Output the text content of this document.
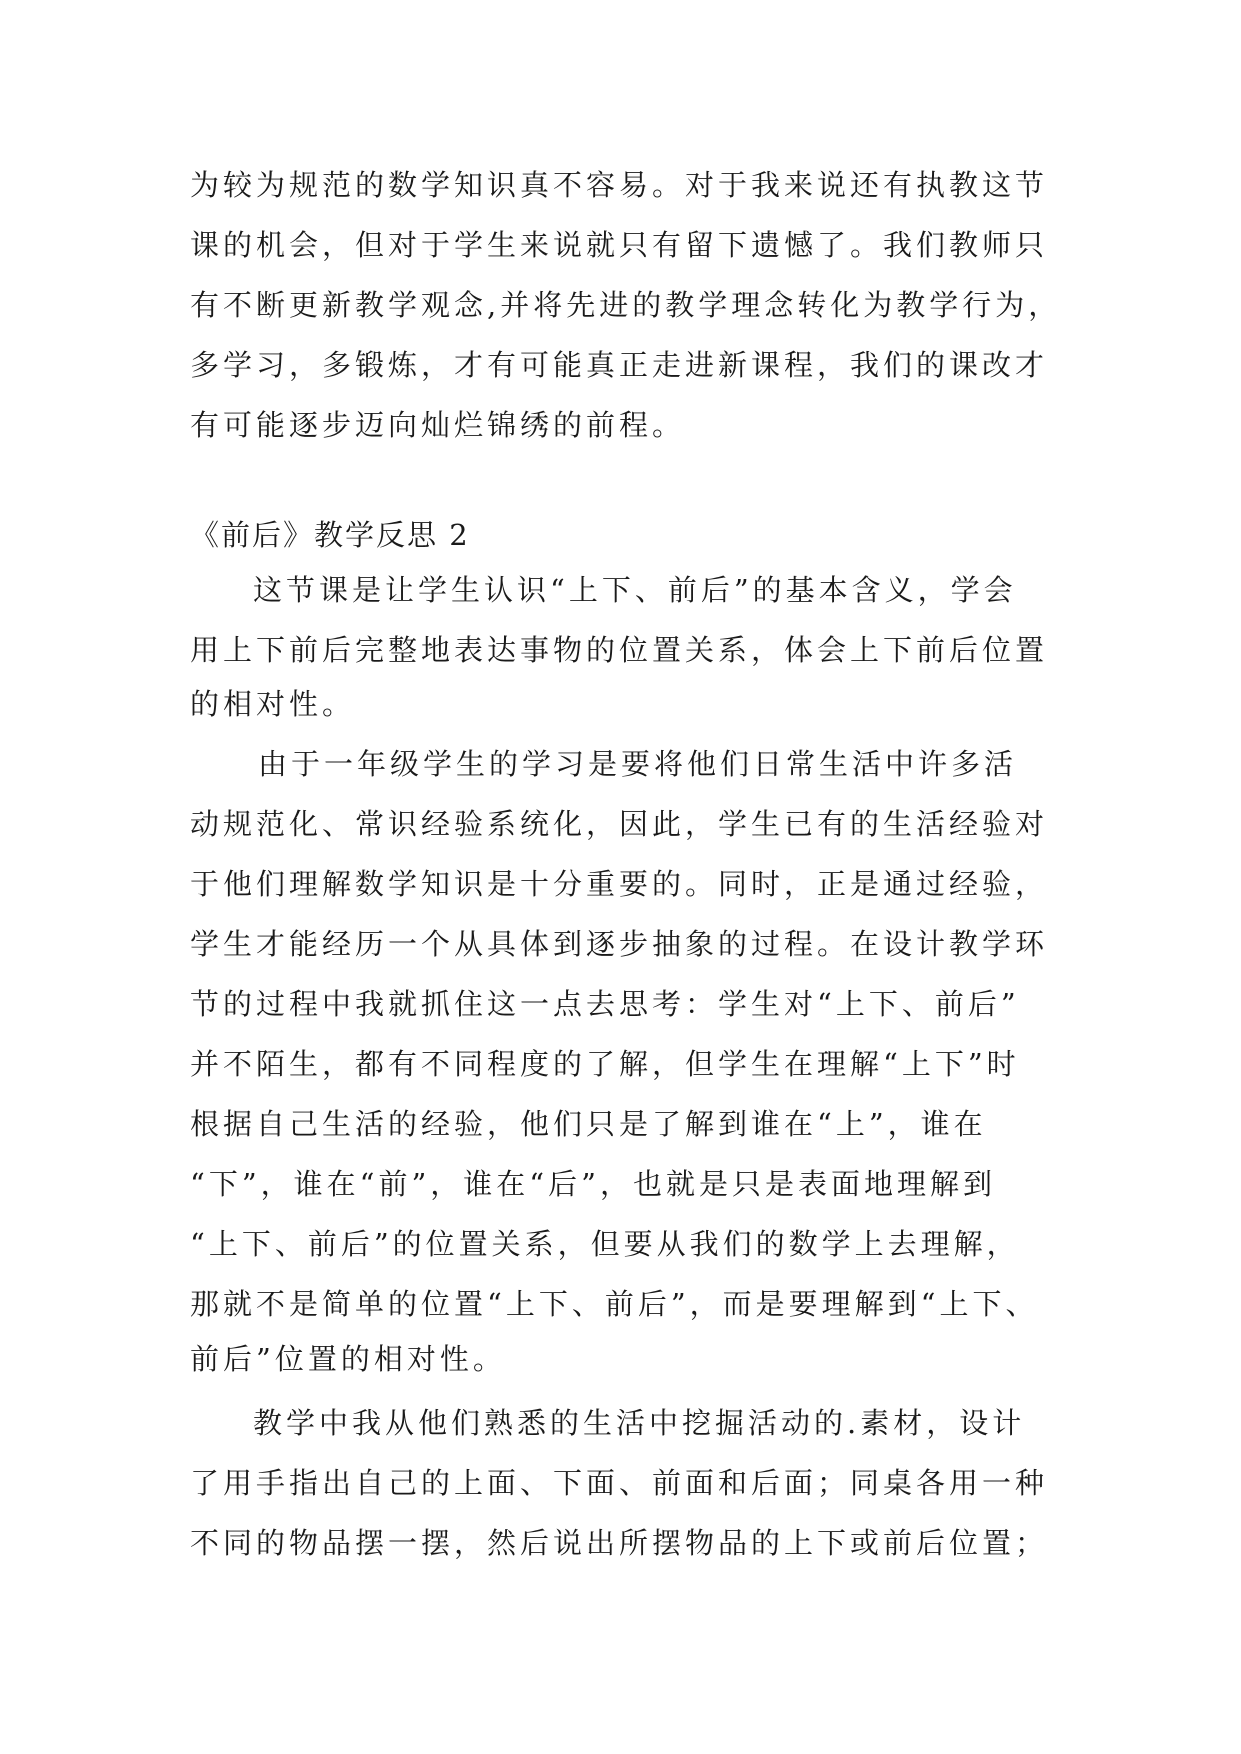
为较为规范的数学知识真不容易。对于我来说还有执教这节
课的机会，但对于学生来说就只有留下遗憾了。我们教师只
有不断更新教学观念,并将先进的教学理念转化为教学行为，
多学习，多锻炼，才有可能真正走进新课程，我们的课改才
有可能逐步迈向灿烂锦绣的前程。
《前后》教学反思 2
这节课是让学生认识“上下、前后”的基本含义，学会
用上下前后完整地表达事物的位置关系，体会上下前后位置
的相对性。
由于一年级学生的学习是要将他们日常生活中许多活
动规范化、常识经验系统化，因此，学生已有的生活经验对
于他们理解数学知识是十分重要的。同时，正是通过经验，
学生才能经历一个从具体到逐步抽象的过程。在设计教学环
节的过程中我就抓住这一点去思考：学生对“上下、前后”
并不陌生，都有不同程度的了解，但学生在理解“上下”时
根据自己生活的经验，他们只是了解到谁在“上”，谁在
“下”，谁在“前”，谁在“后”，也就是只是表面地理解到
“上下、前后”的位置关系，但要从我们的数学上去理解，
那就不是简单的位置“上下、前后”，而是要理解到“上下、
前后”位置的相对性。
教学中我从他们熟悉的生活中挖掘活动的.素材，设计
了用手指出自己的上面、下面、前面和后面；同桌各用一种
不同的物品摆一摆，然后说出所摆物品的上下或前后位置；
